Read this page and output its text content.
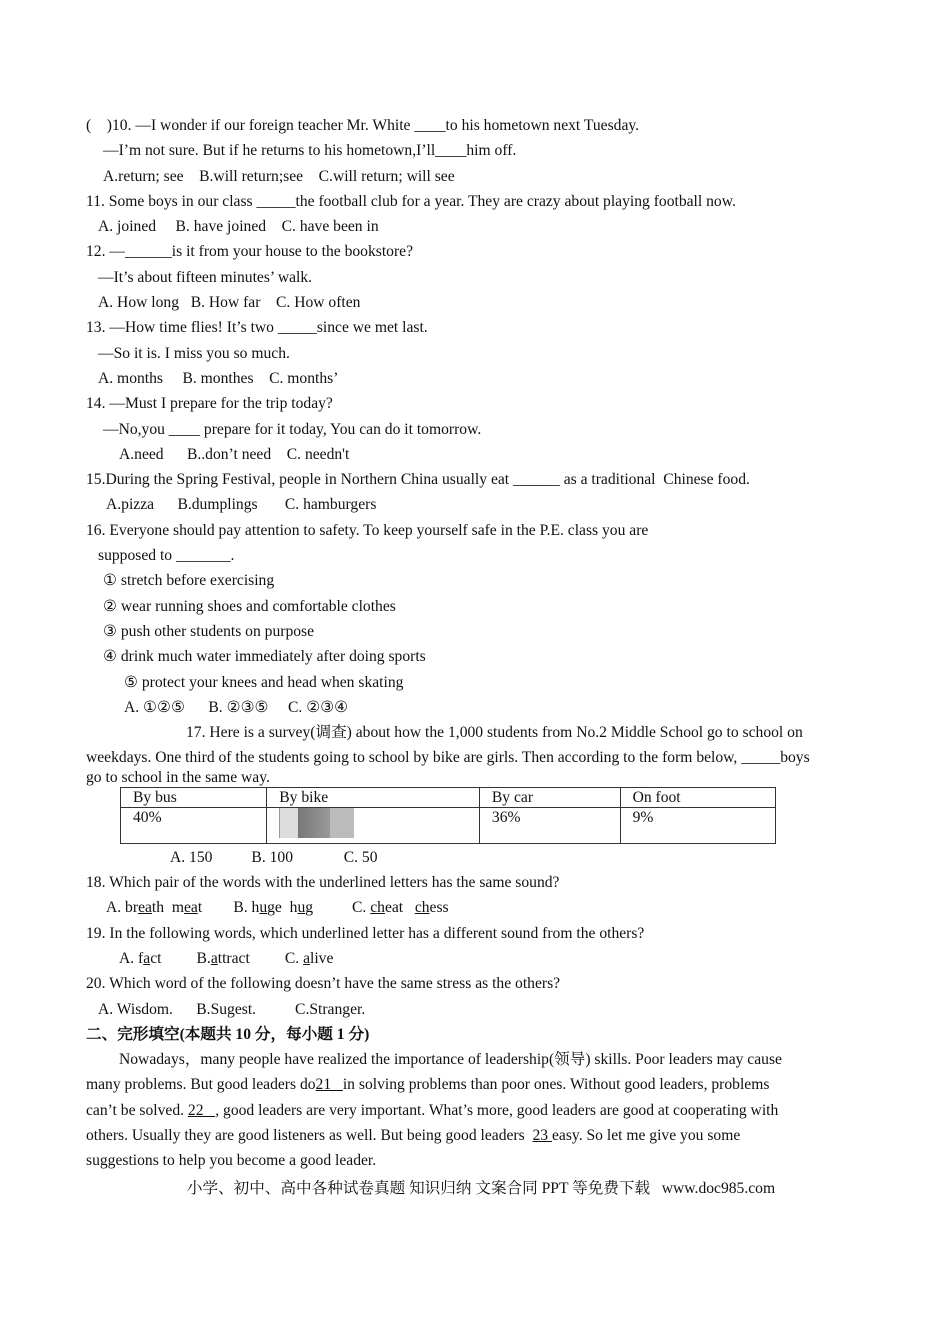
(    )10. —I wonder if our foreign teacher Mr. White ____to his hometown next Tuesday.
—I’m not sure. But if he returns to his hometown,I’ll____him off.
A.return; see    B.will return;see    C.will return; will see
11. Some boys in our class _____the football club for a year. They are crazy about playing football now.
A. joined     B. have joined    C. have been in
12. —______is it from your house to the bookstore?
—It’s about fifteen minutes’ walk.
A. How long   B. How far    C. How often
13. —How time flies! It’s two _____since we met last.
—So it is. I miss you so much.
A. months     B. monthes    C. months’
14. —Must I prepare for the trip today?
—No,you ____ prepare for it today, You can do it tomorrow.
A.need      B..don’t need    C. needn't
15.During the Spring Festival, people in Northern China usually eat ______ as a traditional  Chinese food.
A.pizza      B.dumplings       C. hamburgers
16. Everyone should pay attention to safety. To keep yourself safe in the P.E. class you are
supposed to _______.
① stretch before exercising
② wear running shoes and comfortable clothes
③ push other students on purpose
④ drink much water immediately after doing sports
⑤ protect your knees and head when skating
A. ①②⑤      B. ②③⑤     C. ②③④
17. Here is a survey(调查) about how the 1,000 students from No.2 Middle School go to school on
weekdays. One third of the students going to school by bike are girls. Then according to the form below, _____boys
go to school in the same way.
By bus	By bike	By car	On foot
40%		36%	9%
A. 150          B. 100             C. 50
18. Which pair of the words with the underlined letters has the same sound?
A. breath  meat        B. huge  hug          C. cheat   chess
19. In the following words, which underlined letter has a different sound from the others?
A. fact         B.attract         C. alive
20. Which word of the following doesn’t have the same stress as the others?
A. Wisdom.      B.Sugest.          C.Stranger.
二、完形填空(本题共 10 分，每小题 1 分)
Nowadays，many people have realized the importance of leadership(领导) skills. Poor leaders may cause
many problems. But good leaders do21   in solving problems than poor ones. Without good leaders, problems
can’t be solved. 22   , good leaders are very important. What’s more, good leaders are good at cooperating with
others. Usually they are good listeners as well. But being good leaders  23 easy. So let me give you some
suggestions to help you become a good leader.
小学、初中、高中各种试卷真题 知识归纳 文案合同 PPT 等免费下载   www.doc985.com
